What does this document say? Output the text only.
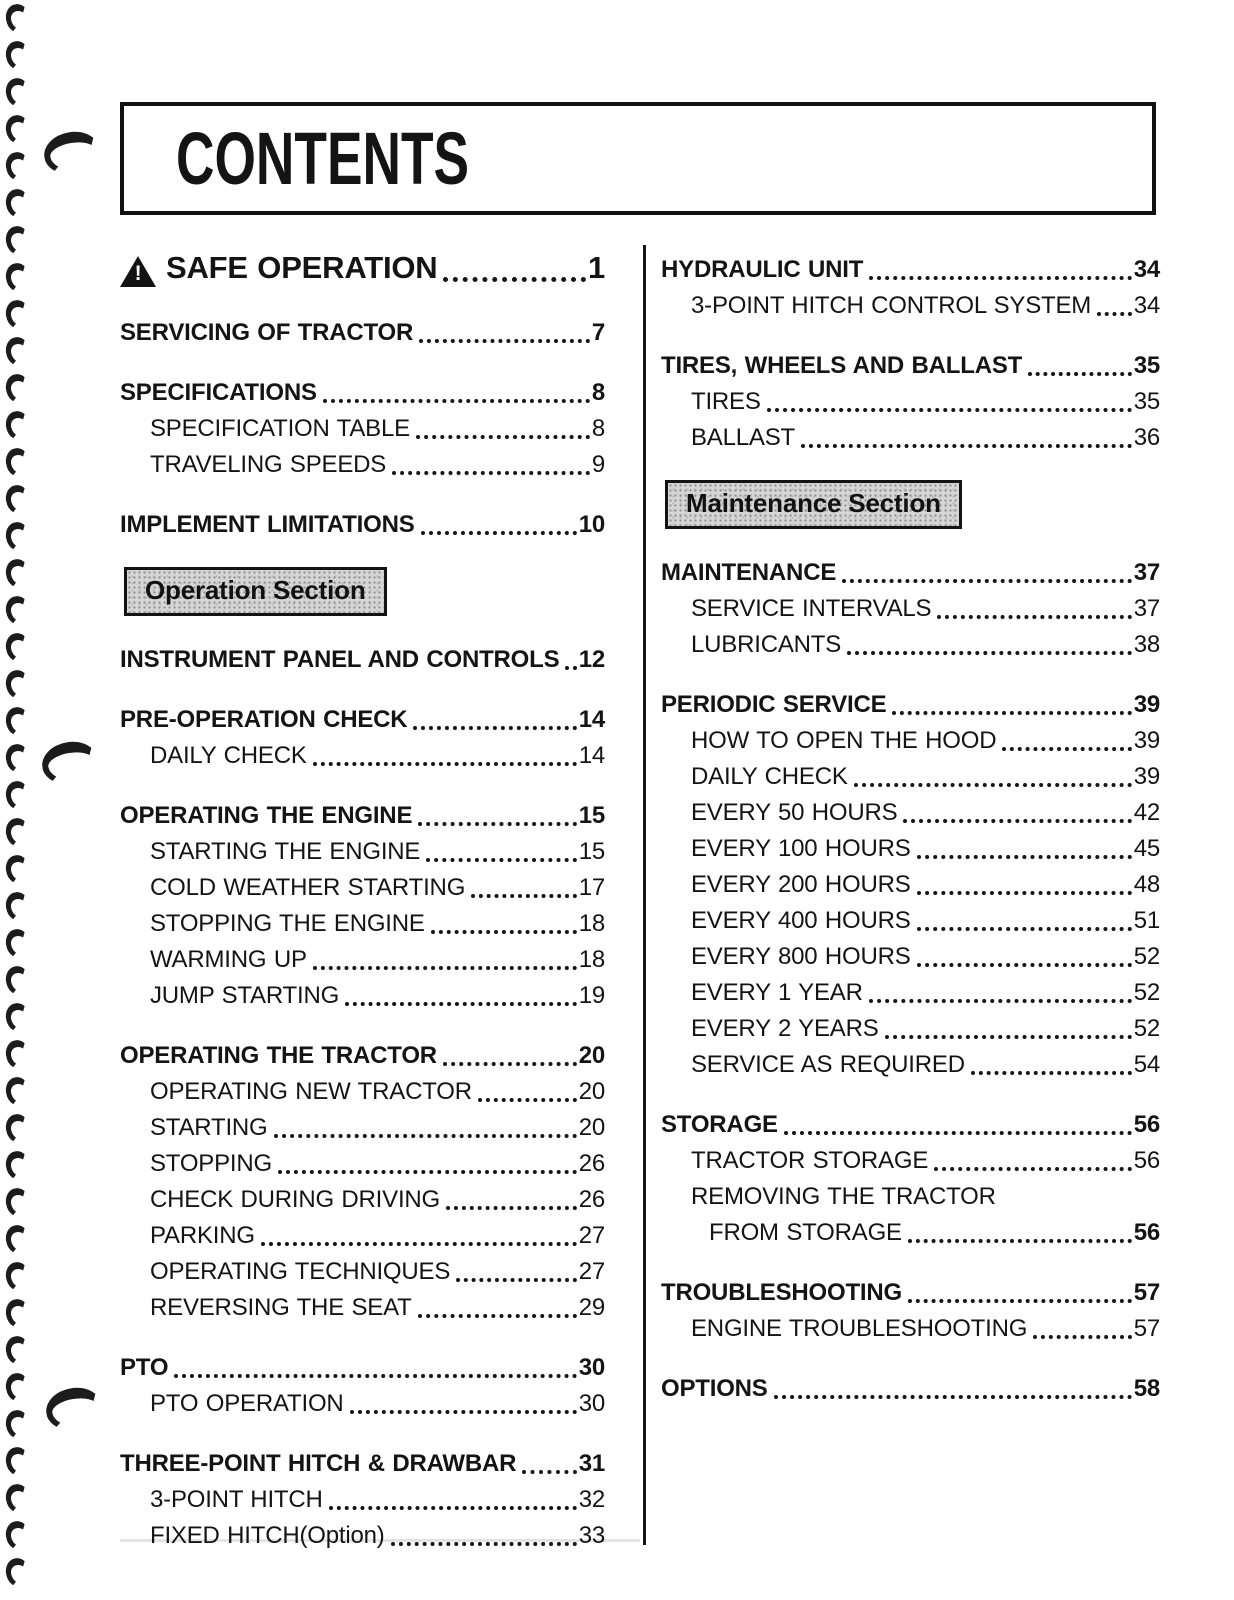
CONTENTS
!
SAFE OPERATION	1
SERVICING OF TRACTOR	7
SPECIFICATIONS	8
SPECIFICATION TABLE	8
TRAVELING SPEEDS	9
IMPLEMENT LIMITATIONS	10
Operation Section
INSTRUMENT PANEL AND CONTROLS 12
PRE-OPERATION CHECK	14
DAILY CHECK	14
OPERATING THE ENGINE	15
STARTING THE ENGINE	15
COLD WEATHER STARTING	17
STOPPING THE ENGINE	18
WARMING UP	18
JUMP STARTING	19
OPERATING THE TRACTOR	20
OPERATING NEW TRACTOR	20
STARTING	20
STOPPING	26
CHECK DURING DRIVING	26
PARKING	27
OPERATING TECHNIQUES	27
REVERSING THE SEAT	29
PTO	30
PTO OPERATION	30
THREE-POINT HITCH & DRAWBAR	31
3-POINT HITCH	32
FIXED HITCH(Option)	33
HYDRAULIC UNIT	34
3-POINT HITCH CONTROL SYSTEM 34
TIRES, WHEELS AND BALLAST	35
TIRES	35
BALLAST	36
Maintenance Section
MAINTENANCE	37
SERVICE INTERVALS	37
LUBRICANTS	38
PERIODIC SERVICE	39
HOW TO OPEN THE HOOD	39
DAILY CHECK	39
EVERY 50 HOURS	42
EVERY 100 HOURS	45
EVERY 200 HOURS	48
EVERY 400 HOURS	51
EVERY 800 HOURS	52
EVERY 1 YEAR	52
EVERY 2 YEARS	52
SERVICE AS REQUIRED	54
STORAGE	56
TRACTOR STORAGE	56
REMOVING THE TRACTOR
FROM STORAGE	56
TROUBLESHOOTING	57
ENGINE TROUBLESHOOTING	57
OPTIONS	58
